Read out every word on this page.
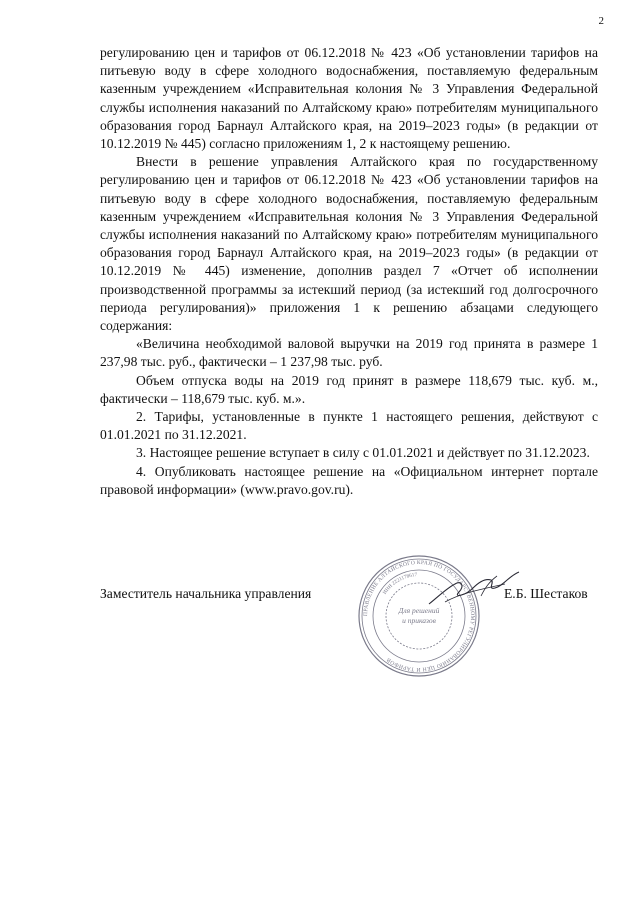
2

регулированию цен и тарифов от 06.12.2018 № 423 «Об установлении тарифов на питьевую воду в сфере холодного водоснабжения, поставляемую федеральным казенным учреждением «Исправительная колония № 3 Управления Федеральной службы исполнения наказаний по Алтайскому краю» потребителям муниципального образования город Барнаул Алтайского края, на 2019–2023 годы» (в редакции от 10.12.2019 № 445) согласно приложениям 1, 2 к настоящему решению.

Внести в решение управления Алтайского края по государственному регулированию цен и тарифов от 06.12.2018 № 423 «Об установлении тарифов на питьевую воду в сфере холодного водоснабжения, поставляемую федеральным казенным учреждением «Исправительная колония № 3 Управления Федеральной службы исполнения наказаний по Алтайскому краю» потребителям муниципального образования город Барнаул Алтайского края, на 2019–2023 годы» (в редакции от 10.12.2019 № 445) изменение, дополнив раздел 7 «Отчет об исполнении производственной программы за истекший период (за истекший год долгосрочного периода регулирования)» приложения 1 к решению абзацами следующего содержания:

«Величина необходимой валовой выручки на 2019 год принята в размере 1 237,98 тыс. руб., фактически – 1 237,98 тыс. руб.

Объем отпуска воды на 2019 год принят в размере 118,679 тыс. куб. м., фактически – 118,679 тыс. куб. м.».

2. Тарифы, установленные в пункте 1 настоящего решения, действуют с 01.01.2021 по 31.12.2021.

3. Настоящее решение вступает в силу с 01.01.2021 и действует по 31.12.2023.

4. Опубликовать настоящее решение на «Официальном интернет портале правовой информации» (www.pravo.gov.ru).

ПРАВЛЕНИЕ АЛТАЙСКОГО КРАЯ ПО ГОСУДАРСТВЕННОМУ РЕГУЛИРОВАНИЮ ЦЕН И ТАРИФОВ
ИНН 2221178617
Для решений
и приказов
Заместитель начальника управления	Е.Б. Шестаков
